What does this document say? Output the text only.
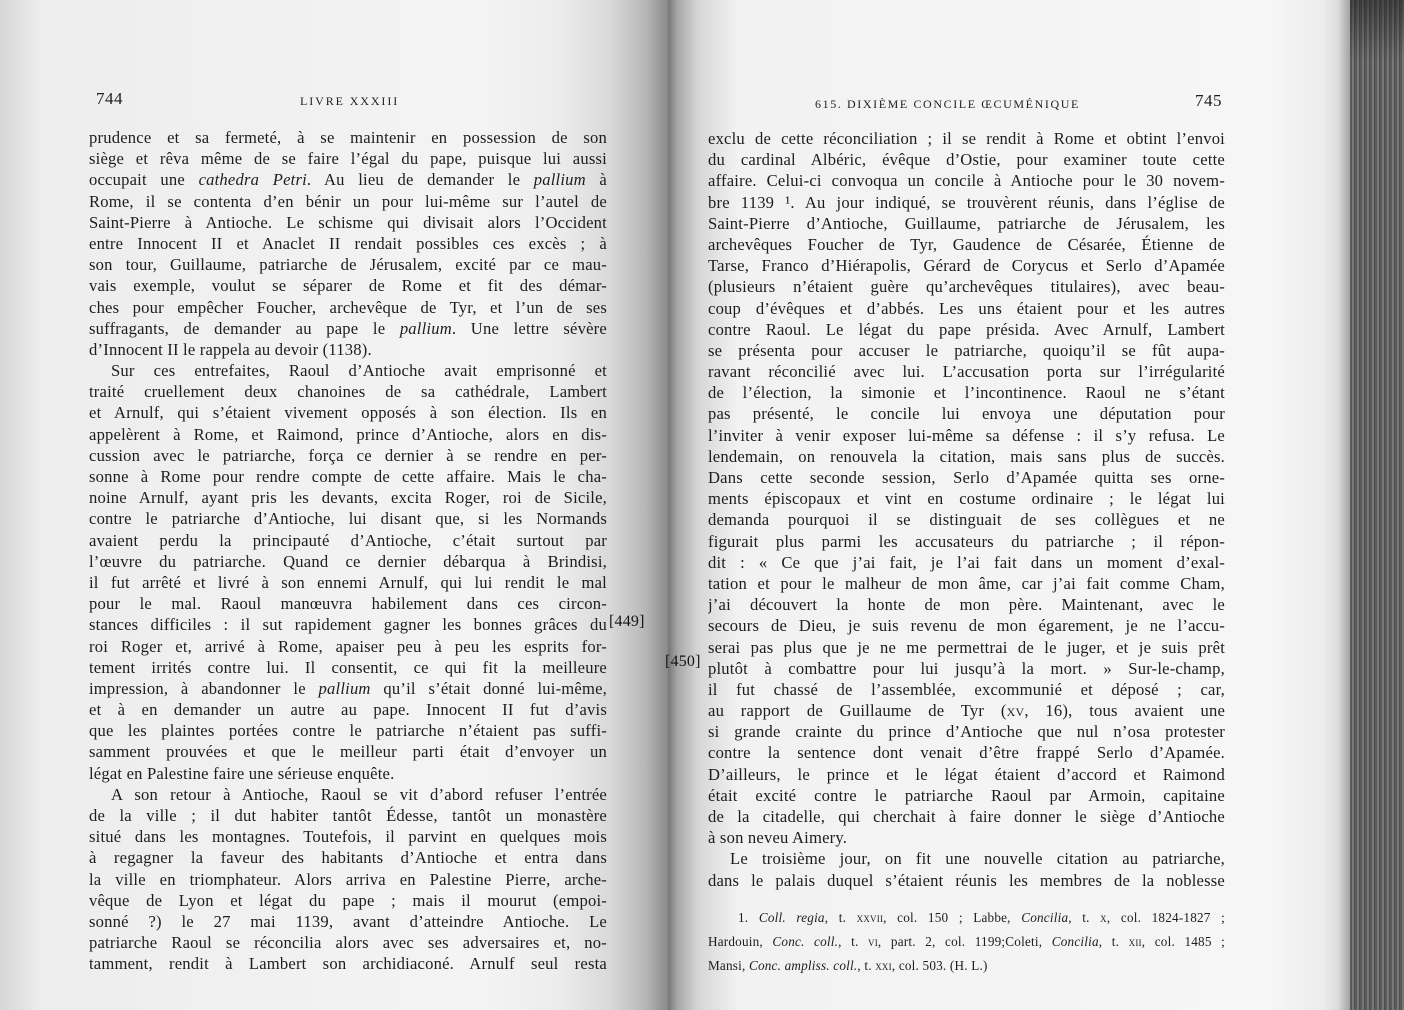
744	LIVRE XXXIII	615. DIXIÈME CONCILE ŒCUMÉNIQUE	745
prudence et sa fermeté, à se maintenir en possession de son
siège et rêva même de se faire l’égal du pape, puisque lui aussi
occupait une cathedra Petri. Au lieu de demander le pallium à
Rome, il se contenta d’en bénir un pour lui-même sur l’autel de
Saint-Pierre à Antioche. Le schisme qui divisait alors l’Occident
entre Innocent II et Anaclet II rendait possibles ces excès ; à
son tour, Guillaume, patriarche de Jérusalem, excité par ce mau-
vais exemple, voulut se séparer de Rome et fit des démar-
ches pour empêcher Foucher, archevêque de Tyr, et l’un de ses
suffragants, de demander au pape le pallium. Une lettre sévère
d’Innocent II le rappela au devoir (1138).
Sur ces entrefaites, Raoul d’Antioche avait emprisonné et
traité cruellement deux chanoines de sa cathédrale, Lambert
et Arnulf, qui s’étaient vivement opposés à son élection. Ils en
appelèrent à Rome, et Raimond, prince d’Antioche, alors en dis-
cussion avec le patriarche, força ce dernier à se rendre en per-
sonne à Rome pour rendre compte de cette affaire. Mais le cha-
noine Arnulf, ayant pris les devants, excita Roger, roi de Sicile,
contre le patriarche d’Antioche, lui disant que, si les Normands
avaient perdu la principauté d’Antioche, c’était surtout par
l’œuvre du patriarche. Quand ce dernier débarqua à Brindisi,
il fut arrêté et livré à son ennemi Arnulf, qui lui rendit le mal
pour le mal. Raoul manœuvra habilement dans ces circon-
stances difficiles : il sut rapidement gagner les bonnes grâces du
roi Roger et, arrivé à Rome, apaiser peu à peu les esprits for-
tement irrités contre lui. Il consentit, ce qui fit la meilleure
impression, à abandonner le pallium qu’il s’était donné lui-même,
et à en demander un autre au pape. Innocent II fut d’avis
que les plaintes portées contre le patriarche n’étaient pas suffi-
samment prouvées et que le meilleur parti était d’envoyer un
légat en Palestine faire une sérieuse enquête.
A son retour à Antioche, Raoul se vit d’abord refuser l’entrée
de la ville ; il dut habiter tantôt Édesse, tantôt un monastère
situé dans les montagnes. Toutefois, il parvint en quelques mois
à regagner la faveur des habitants d’Antioche et entra dans
la ville en triomphateur. Alors arriva en Palestine Pierre, arche-
vêque de Lyon et légat du pape ; mais il mourut (empoi-
sonné ?) le 27 mai 1139, avant d’atteindre Antioche. Le
patriarche Raoul se réconcilia alors avec ses adversaires et, no-
tamment, rendit à Lambert son archidiaconé. Arnulf seul resta
exclu de cette réconciliation ; il se rendit à Rome et obtint l’envoi
du cardinal Albéric, évêque d’Ostie, pour examiner toute cette
affaire. Celui-ci convoqua un concile à Antioche pour le 30 novem-
bre 1139 ¹. Au jour indiqué, se trouvèrent réunis, dans l’église de
Saint-Pierre d’Antioche, Guillaume, patriarche de Jérusalem, les
archevêques Foucher de Tyr, Gaudence de Césarée, Étienne de
Tarse, Franco d’Hiérapolis, Gérard de Corycus et Serlo d’Apamée
(plusieurs n’étaient guère qu’archevêques titulaires), avec beau-
coup d’évêques et d’abbés. Les uns étaient pour et les autres
contre Raoul. Le légat du pape présida. Avec Arnulf, Lambert
se présenta pour accuser le patriarche, quoiqu’il se fût aupa-
ravant réconcilié avec lui. L’accusation porta sur l’irrégularité
de l’élection, la simonie et l’incontinence. Raoul ne s’étant
pas présenté, le concile lui envoya une députation pour
l’inviter à venir exposer lui-même sa défense : il s’y refusa. Le
lendemain, on renouvela la citation, mais sans plus de succès.
Dans cette seconde session, Serlo d’Apamée quitta ses orne-
ments épiscopaux et vint en costume ordinaire ; le légat lui
demanda pourquoi il se distinguait de ses collègues et ne
figurait plus parmi les accusateurs du patriarche ; il répon-
dit : « Ce que j’ai fait, je l’ai fait dans un moment d’exal-
tation et pour le malheur de mon âme, car j’ai fait comme Cham,
j’ai découvert la honte de mon père. Maintenant, avec le
secours de Dieu, je suis revenu de mon égarement, je ne l’accu-
serai pas plus que je ne me permettrai de le juger, et je suis prêt
plutôt à combattre pour lui jusqu’à la mort. » Sur-le-champ,
il fut chassé de l’assemblée, excommunié et déposé ; car,
au rapport de Guillaume de Tyr (xv, 16), tous avaient une
si grande crainte du prince d’Antioche que nul n’osa protester
contre la sentence dont venait d’être frappé Serlo d’Apamée.
D’ailleurs, le prince et le légat étaient d’accord et Raimond
était excité contre le patriarche Raoul par Armoin, capitaine
de la citadelle, qui cherchait à faire donner le siège d’Antioche
à son neveu Aimery.
Le troisième jour, on fit une nouvelle citation au patriarche,
dans le palais duquel s’étaient réunis les membres de la noblesse
1. Coll. regia, t. xxvii, col. 150 ; Labbe, Concilia, t. x, col. 1824-1827 ;
Hardouin, Conc. coll., t. vi, part. 2, col. 1199;Coleti, Concilia, t. xii, col. 1485 ;
Mansi, Conc. ampliss. coll., t. xxi, col. 503. (H. L.)
[449]
[450]
